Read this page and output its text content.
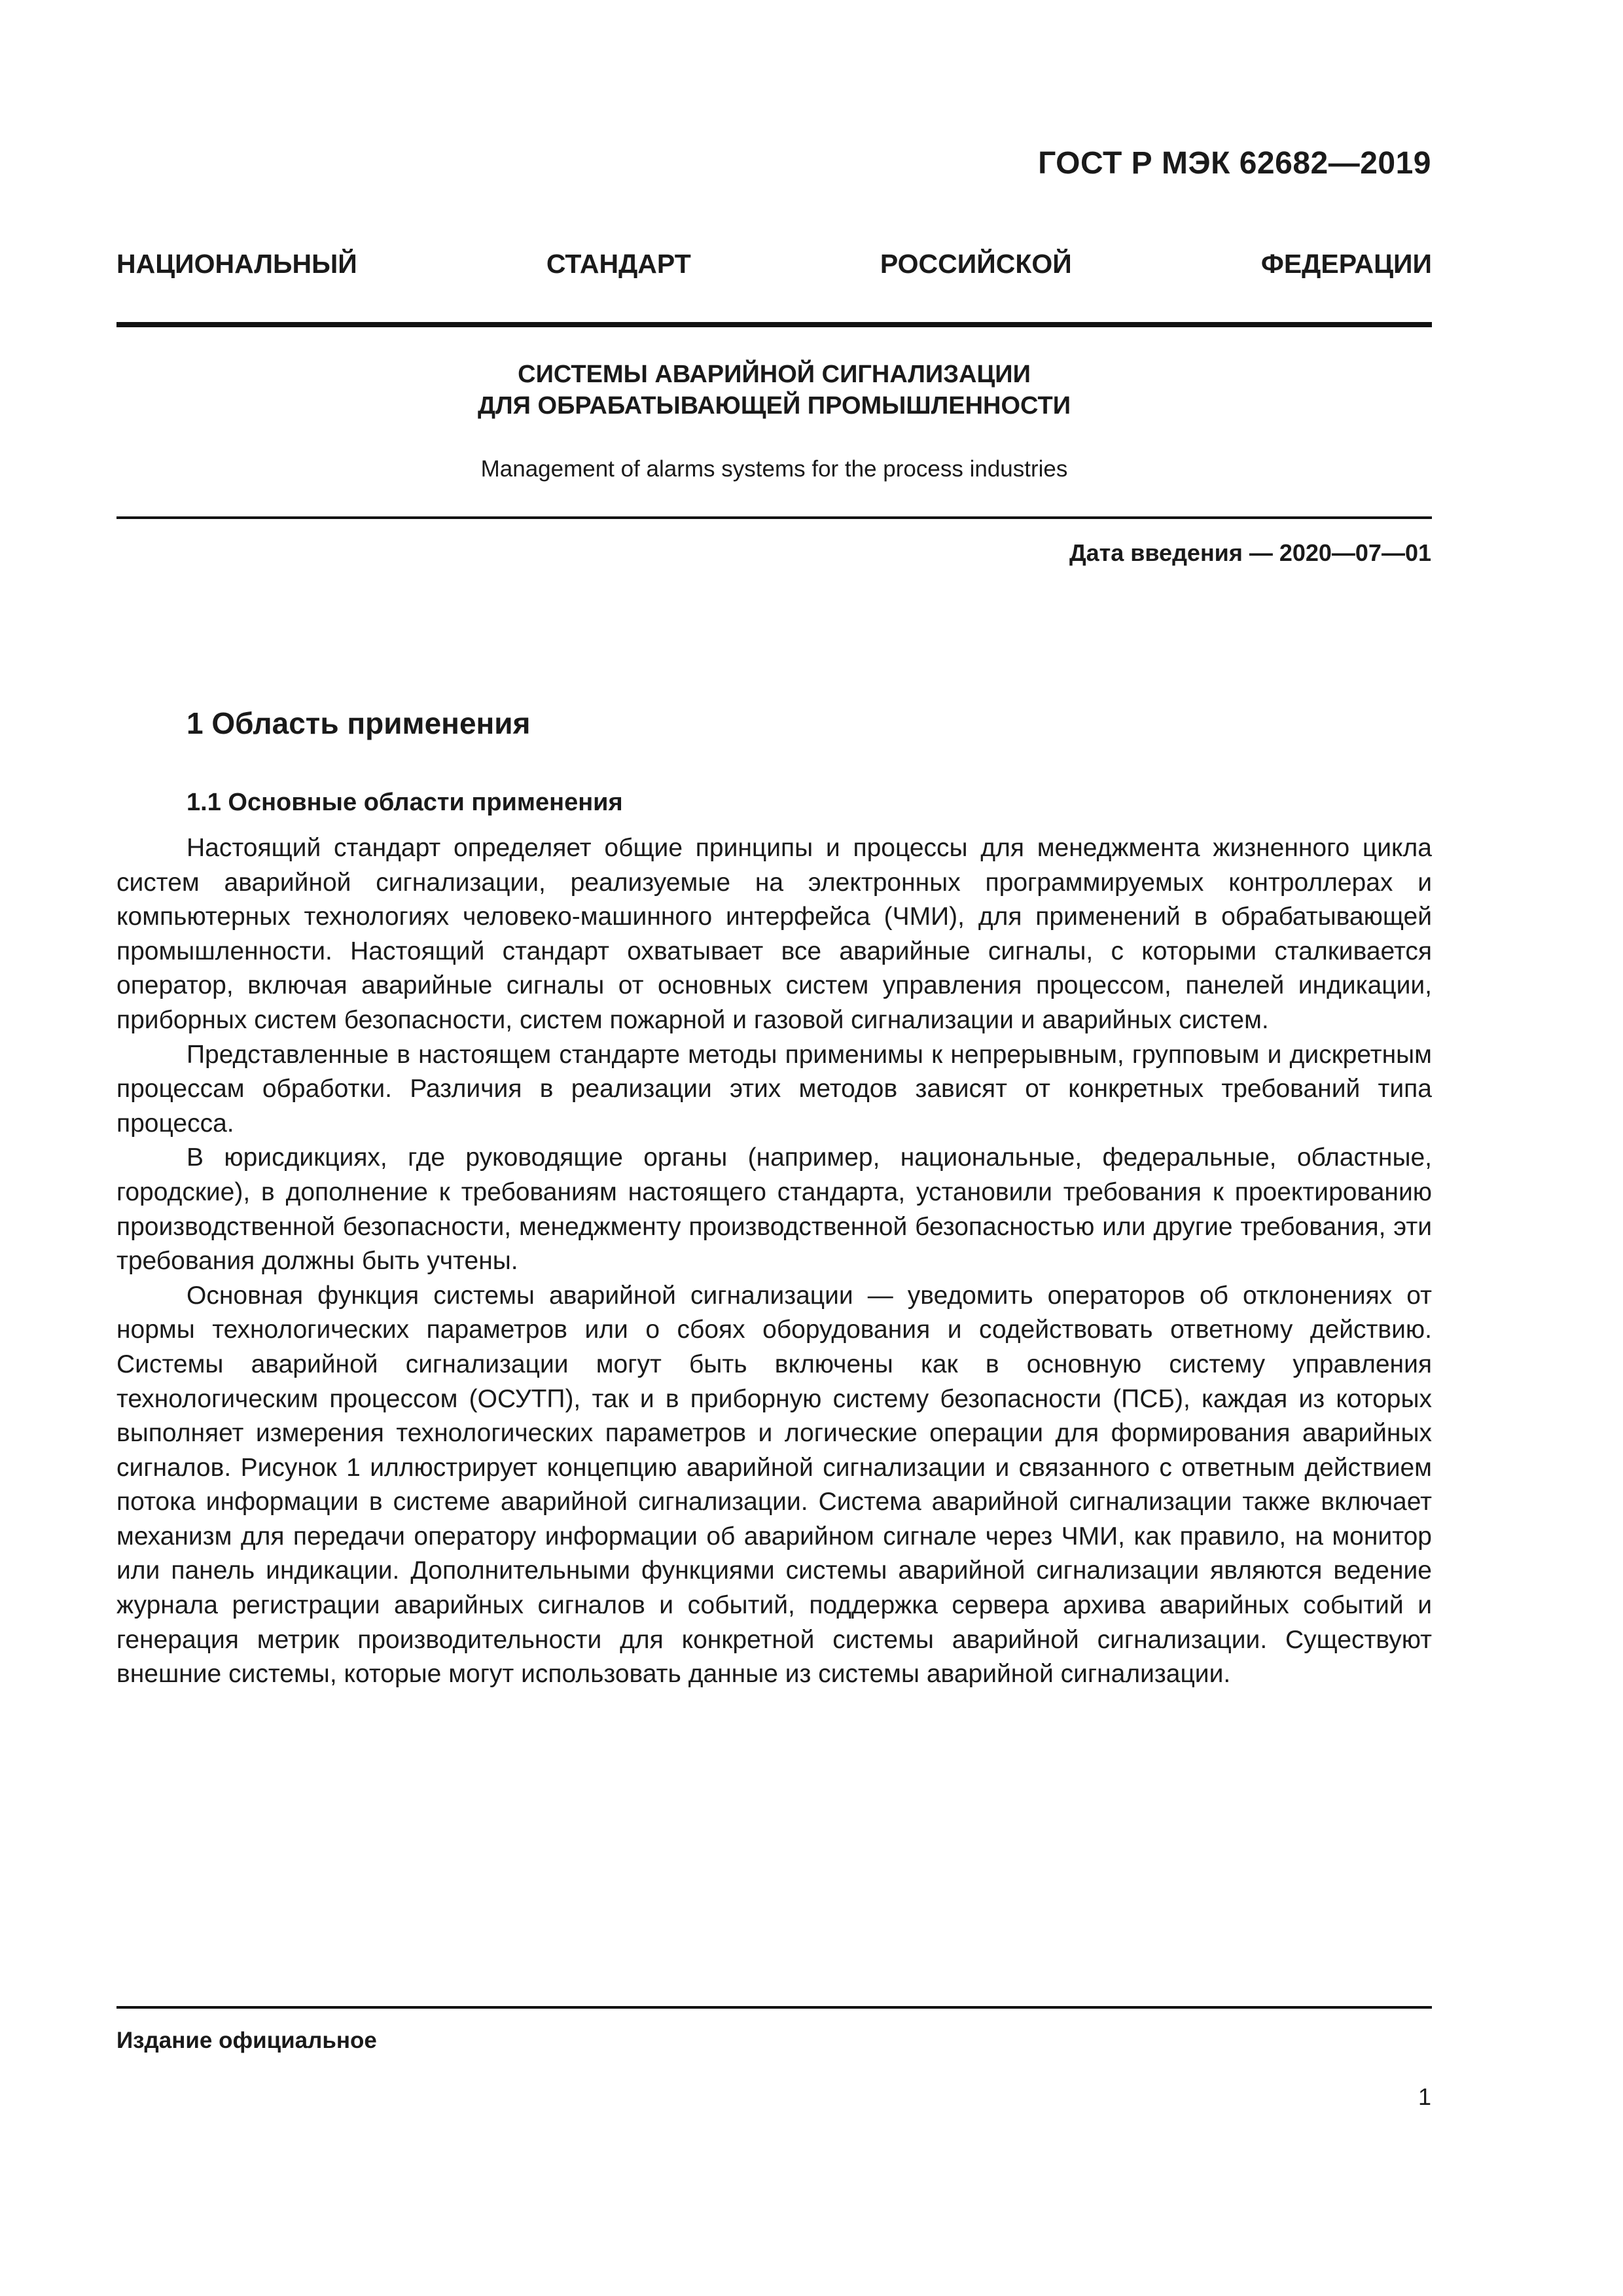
ГОСТ Р МЭК 62682—2019
НАЦИОНАЛЬНЫЙ	СТАНДАРТ	РОССИЙСКОЙ	ФЕДЕРАЦИИ
СИСТЕМЫ АВАРИЙНОЙ СИГНАЛИЗАЦИИ
ДЛЯ ОБРАБАТЫВАЮЩЕЙ ПРОМЫШЛЕННОСТИ
Management of alarms systems for the process industries
Дата введения — 2020—07—01
1 Область применения
1.1 Основные области применения

Настоящий стандарт определяет общие принципы и процессы для менеджмента жизненного цикла систем аварийной сигнализации, реализуемые на электронных программируемых контроллерах и компьютерных технологиях человеко-машинного интерфейса (ЧМИ), для применений в обрабатывающей промышленности. Настоящий стандарт охватывает все аварийные сигналы, с которыми сталкивается оператор, включая аварийные сигналы от основных систем управления процессом, панелей индикации, приборных систем безопасности, систем пожарной и газовой сигнализации и аварийных систем.

Представленные в настоящем стандарте методы применимы к непрерывным, групповым и дискретным процессам обработки. Различия в реализации этих методов зависят от конкретных требований типа процесса.

В юрисдикциях, где руководящие органы (например, национальные, федеральные, областные, городские), в дополнение к требованиям настоящего стандарта, установили требования к проектированию производственной безопасности, менеджменту производственной безопасностью или другие требования, эти требования должны быть учтены.

Основная функция системы аварийной сигнализации — уведомить операторов об отклонениях от нормы технологических параметров или о сбоях оборудования и содействовать ответному действию. Системы аварийной сигнализации могут быть включены как в основную систему управления технологическим процессом (ОСУТП), так и в приборную систему безопасности (ПСБ), каждая из которых выполняет измерения технологических параметров и логические операции для формирования аварийных сигналов. Рисунок 1 иллюстрирует концепцию аварийной сигнализации и связанного с ответным действием потока информации в системе аварийной сигнализации. Система аварийной сигнализации также включает механизм для передачи оператору информации об аварийном сигнале через ЧМИ, как правило, на монитор или панель индикации. Дополнительными функциями системы аварийной сигнализации являются ведение журнала регистрации аварийных сигналов и событий, поддержка сервера архива аварийных событий и генерация метрик производительности для конкретной системы аварийной сигнализации. Существуют внешние системы, которые могут использовать данные из системы аварийной сигнализации.

Издание официальное
1
